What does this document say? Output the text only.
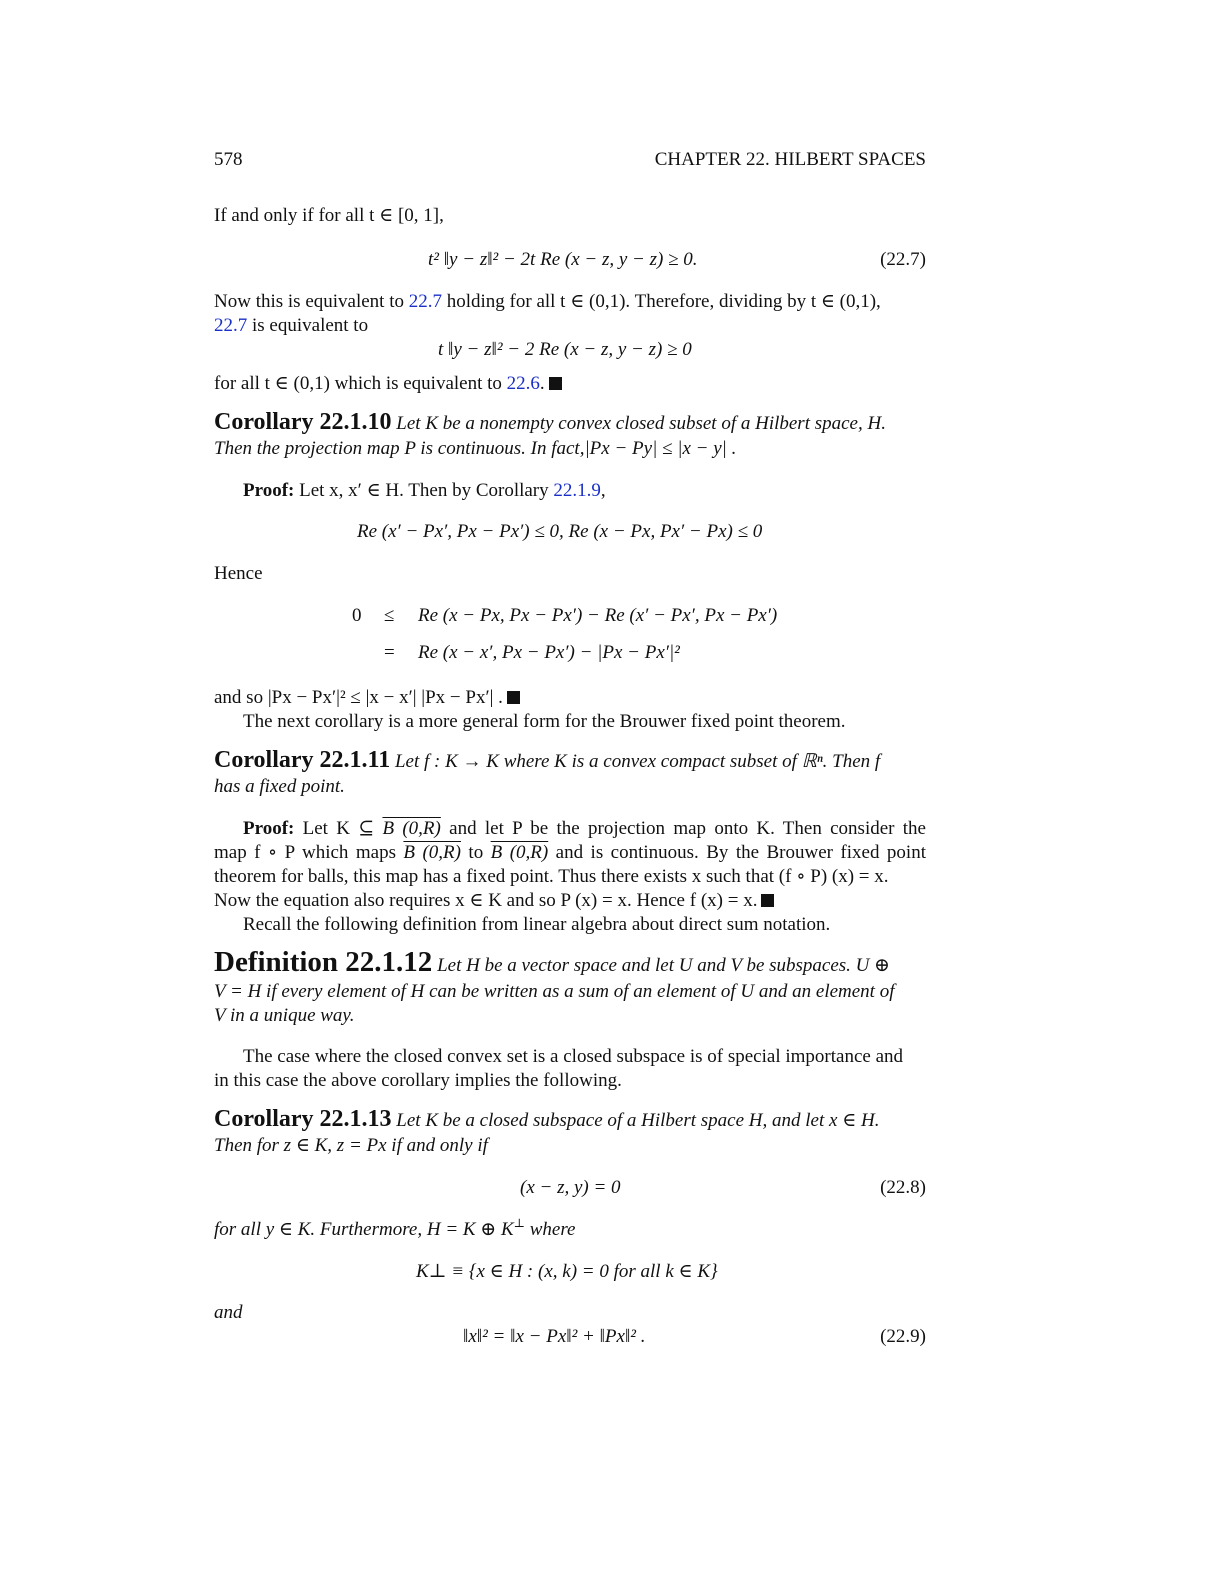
578	CHAPTER 22. HILBERT SPACES
If and only if for all t ∈ [0, 1],
t² ‖y − z‖² − 2t Re (x − z, y − z) ≥ 0.	(22.7)
Now this is equivalent to 22.7 holding for all t ∈ (0,1). Therefore, dividing by t ∈ (0,1),
22.7 is equivalent to
t ‖y − z‖² − 2 Re (x − z, y − z) ≥ 0
for all t ∈ (0,1) which is equivalent to 22.6.
Corollary 22.1.10 Let K be a nonempty convex closed subset of a Hilbert space, H.
Then the projection map P is continuous. In fact,|Px − Py| ≤ |x − y| .
Proof: Let x, x′ ∈ H. Then by Corollary 22.1.9,
Re (x′ − Px′, Px − Px′) ≤ 0, Re (x − Px, Px′ − Px) ≤ 0
Hence
0 ≤ Re (x − Px, Px − Px′) − Re (x′ − Px′, Px − Px′)
= Re (x − x′, Px − Px′) − |Px − Px′|²
and so |Px − Px′|² ≤ |x − x′| |Px − Px′| .
The next corollary is a more general form for the Brouwer fixed point theorem.
Corollary 22.1.11 Let f : K → K where K is a convex compact subset of ℝⁿ. Then f
has a fixed point.
Proof: Let K ⊆ B (0,R) and let P be the projection map onto K. Then consider the
map f ∘ P which maps B (0,R) to B (0,R) and is continuous. By the Brouwer fixed point
theorem for balls, this map has a fixed point. Thus there exists x such that (f ∘ P) (x) = x.
Now the equation also requires x ∈ K and so P (x) = x. Hence f (x) = x.
Recall the following definition from linear algebra about direct sum notation.
Definition 22.1.12 Let H be a vector space and let U and V be subspaces. U ⊕
V = H if every element of H can be written as a sum of an element of U and an element of
V in a unique way.
The case where the closed convex set is a closed subspace is of special importance and
in this case the above corollary implies the following.
Corollary 22.1.13 Let K be a closed subspace of a Hilbert space H, and let x ∈ H.
Then for z ∈ K, z = Px if and only if
(x − z, y) = 0	(22.8)
for all y ∈ K. Furthermore, H = K ⊕ K⊥ where
K⊥ ≡ {x ∈ H : (x, k) = 0 for all k ∈ K}
and
‖x‖² = ‖x − Px‖² + ‖Px‖² .	(22.9)
